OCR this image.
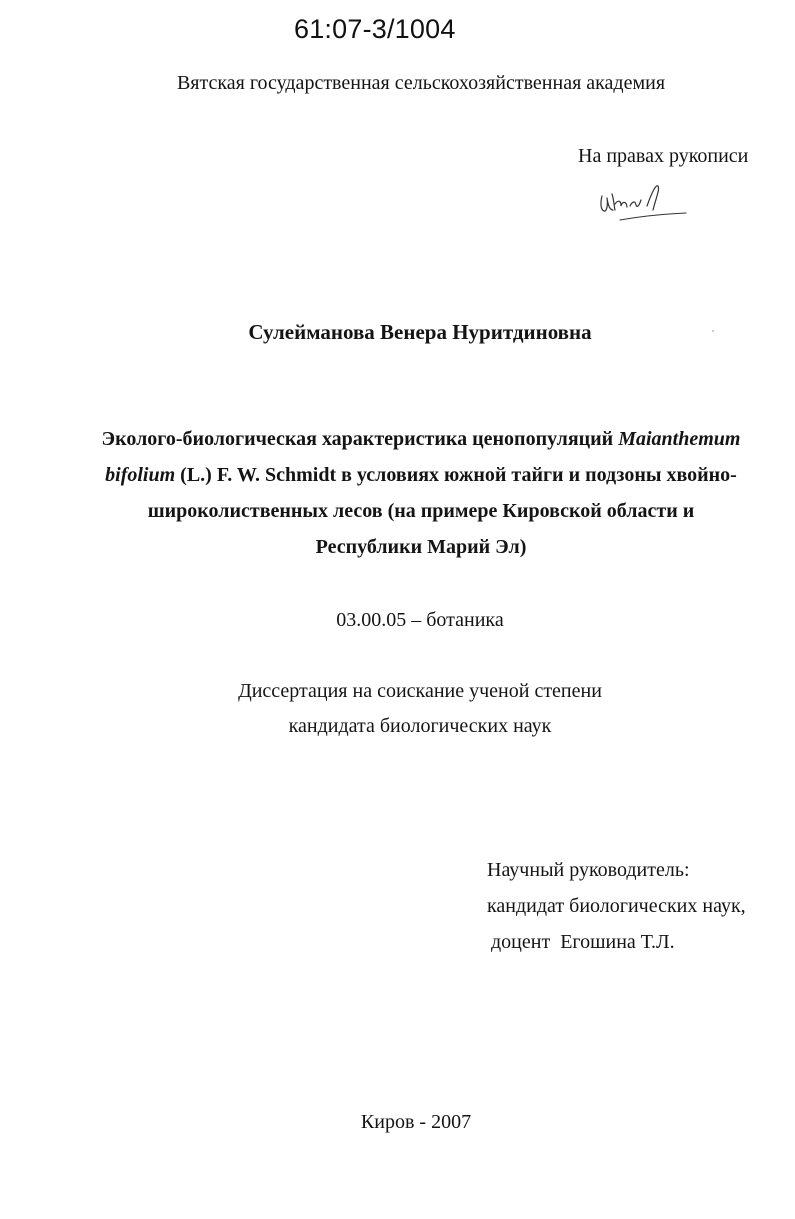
61:07-3/1004
Вятская государственная сельскохозяйственная академия
На правах рукописи
Сулейманова Венера Нуритдиновна
Эколого-биологическая характеристика ценопопуляций Maianthemum bifolium (L.) F. W. Schmidt в условиях южной тайги и подзоны хвойно-широколиственных лесов (на примере Кировской области и Республики Марий Эл)
03.00.05 – ботаника
Диссертация на соискание ученой степени
кандидата биологических наук
Научный руководитель:
кандидат биологических наук,
доцент  Егошина Т.Л.
Киров - 2007
